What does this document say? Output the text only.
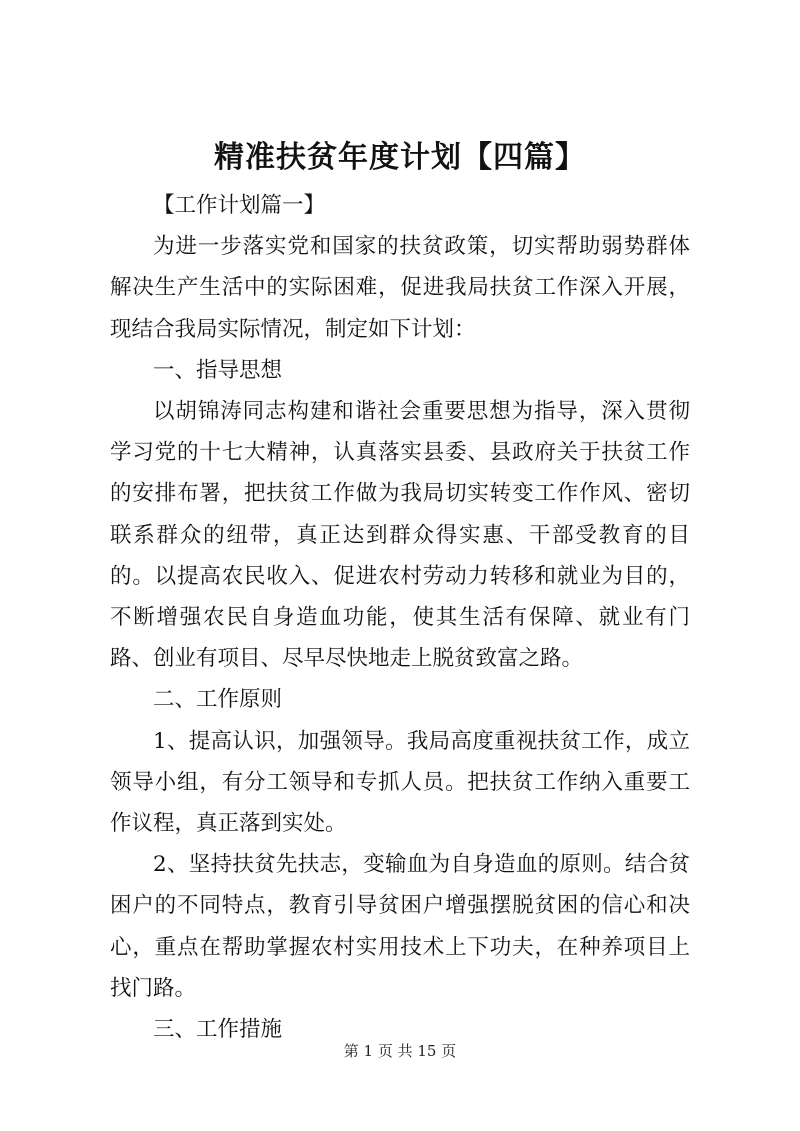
精准扶贫年度计划【四篇】

【工作计划篇一】

为进一步落实党和国家的扶贫政策，切实帮助弱势群体解决生产生活中的实际困难，促进我局扶贫工作深入开展，现结合我局实际情况，制定如下计划：

一、指导思想

以胡锦涛同志构建和谐社会重要思想为指导，深入贯彻学习党的十七大精神，认真落实县委、县政府关于扶贫工作的安排布署，把扶贫工作做为我局切实转变工作作风、密切联系群众的纽带，真正达到群众得实惠、干部受教育的目的。以提高农民收入、促进农村劳动力转移和就业为目的，不断增强农民自身造血功能，使其生活有保障、就业有门路、创业有项目、尽早尽快地走上脱贫致富之路。

二、工作原则

1、提高认识，加强领导。我局高度重视扶贫工作，成立领导小组，有分工领导和专抓人员。把扶贫工作纳入重要工作议程，真正落到实处。

2、坚持扶贫先扶志，变输血为自身造血的原则。结合贫困户的不同特点，教育引导贫困户增强摆脱贫困的信心和决心，重点在帮助掌握农村实用技术上下功夫，在种养项目上找门路。

三、工作措施

第 1 页 共 15 页
